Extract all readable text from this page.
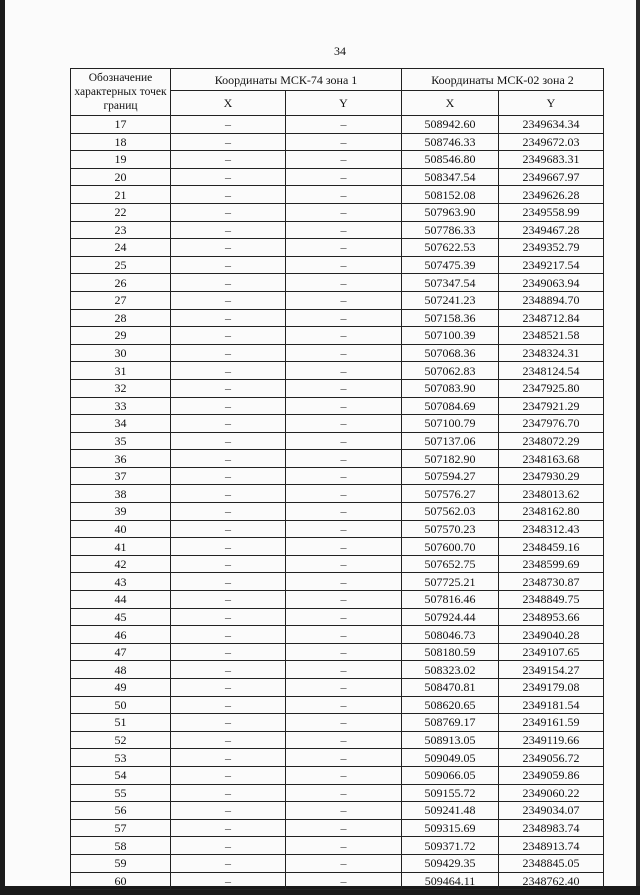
34
Обозначение характерных точек границ	Координаты МСК-74 зона 1		Координаты МСК-02 зона 2	
	X	Y	X	Y
17	–	–	508942.60	2349634.34
18	–	–	508746.33	2349672.03
19	–	–	508546.80	2349683.31
20	–	–	508347.54	2349667.97
21	–	–	508152.08	2349626.28
22	–	–	507963.90	2349558.99
23	–	–	507786.33	2349467.28
24	–	–	507622.53	2349352.79
25	–	–	507475.39	2349217.54
26	–	–	507347.54	2349063.94
27	–	–	507241.23	2348894.70
28	–	–	507158.36	2348712.84
29	–	–	507100.39	2348521.58
30	–	–	507068.36	2348324.31
31	–	–	507062.83	2348124.54
32	–	–	507083.90	2347925.80
33	–	–	507084.69	2347921.29
34	–	–	507100.79	2347976.70
35	–	–	507137.06	2348072.29
36	–	–	507182.90	2348163.68
37	–	–	507594.27	2347930.29
38	–	–	507576.27	2348013.62
39	–	–	507562.03	2348162.80
40	–	–	507570.23	2348312.43
41	–	–	507600.70	2348459.16
42	–	–	507652.75	2348599.69
43	–	–	507725.21	2348730.87
44	–	–	507816.46	2348849.75
45	–	–	507924.44	2348953.66
46	–	–	508046.73	2349040.28
47	–	–	508180.59	2349107.65
48	–	–	508323.02	2349154.27
49	–	–	508470.81	2349179.08
50	–	–	508620.65	2349181.54
51	–	–	508769.17	2349161.59
52	–	–	508913.05	2349119.66
53	–	–	509049.05	2349056.72
54	–	–	509066.05	2349059.86
55	–	–	509155.72	2349060.22
56	–	–	509241.48	2349034.07
57	–	–	509315.69	2348983.74
58	–	–	509371.72	2348913.74
59	–	–	509429.35	2348845.05
60	–	–	509464.11	2348762.40
